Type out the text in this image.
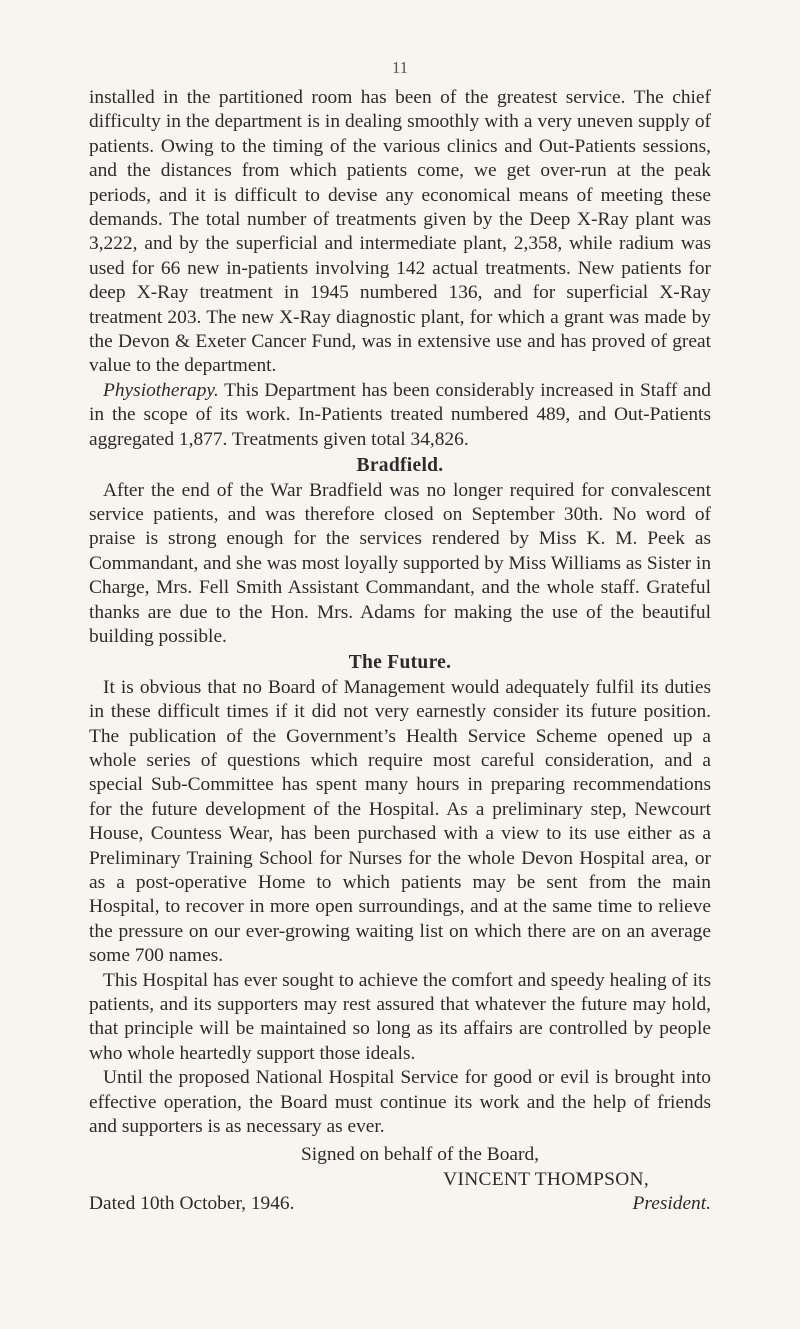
11

installed in the partitioned room has been of the greatest service. The chief difficulty in the department is in dealing smoothly with a very uneven supply of patients. Owing to the timing of the various clinics and Out-Patients sessions, and the distances from which patients come, we get over-run at the peak periods, and it is difficult to devise any economical means of meeting these demands. The total number of treatments given by the Deep X-Ray plant was 3,222, and by the superficial and intermediate plant, 2,358, while radium was used for 66 new in-patients involving 142 actual treatments. New patients for deep X-Ray treatment in 1945 numbered 136, and for superficial X-Ray treatment 203. The new X-Ray diagnostic plant, for which a grant was made by the Devon & Exeter Cancer Fund, was in extensive use and has proved of great value to the department.

Physiotherapy. This Department has been considerably increased in Staff and in the scope of its work. In-Patients treated numbered 489, and Out-Patients aggregated 1,877. Treatments given total 34,826.

Bradfield.

After the end of the War Bradfield was no longer required for convalescent service patients, and was therefore closed on September 30th. No word of praise is strong enough for the services rendered by Miss K. M. Peek as Commandant, and she was most loyally supported by Miss Williams as Sister in Charge, Mrs. Fell Smith Assistant Commandant, and the whole staff. Grateful thanks are due to the Hon. Mrs. Adams for making the use of the beautiful building possible.

The Future.

It is obvious that no Board of Management would adequately fulfil its duties in these difficult times if it did not very earnestly consider its future position. The publication of the Government’s Health Service Scheme opened up a whole series of questions which require most careful consideration, and a special Sub-Committee has spent many hours in preparing recommendations for the future development of the Hospital. As a preliminary step, Newcourt House, Countess Wear, has been purchased with a view to its use either as a Preliminary Training School for Nurses for the whole Devon Hospital area, or as a post-operative Home to which patients may be sent from the main Hospital, to recover in more open surroundings, and at the same time to relieve the pressure on our ever-growing waiting list on which there are on an average some 700 names.

This Hospital has ever sought to achieve the comfort and speedy healing of its patients, and its supporters may rest assured that whatever the future may hold, that principle will be maintained so long as its affairs are controlled by people who whole heartedly support those ideals.

Until the proposed National Hospital Service for good or evil is brought into effective operation, the Board must continue its work and the help of friends and supporters is as necessary as ever.

Signed on behalf of the Board,
VINCENT THOMPSON,
Dated 10th October, 1946.	President.
